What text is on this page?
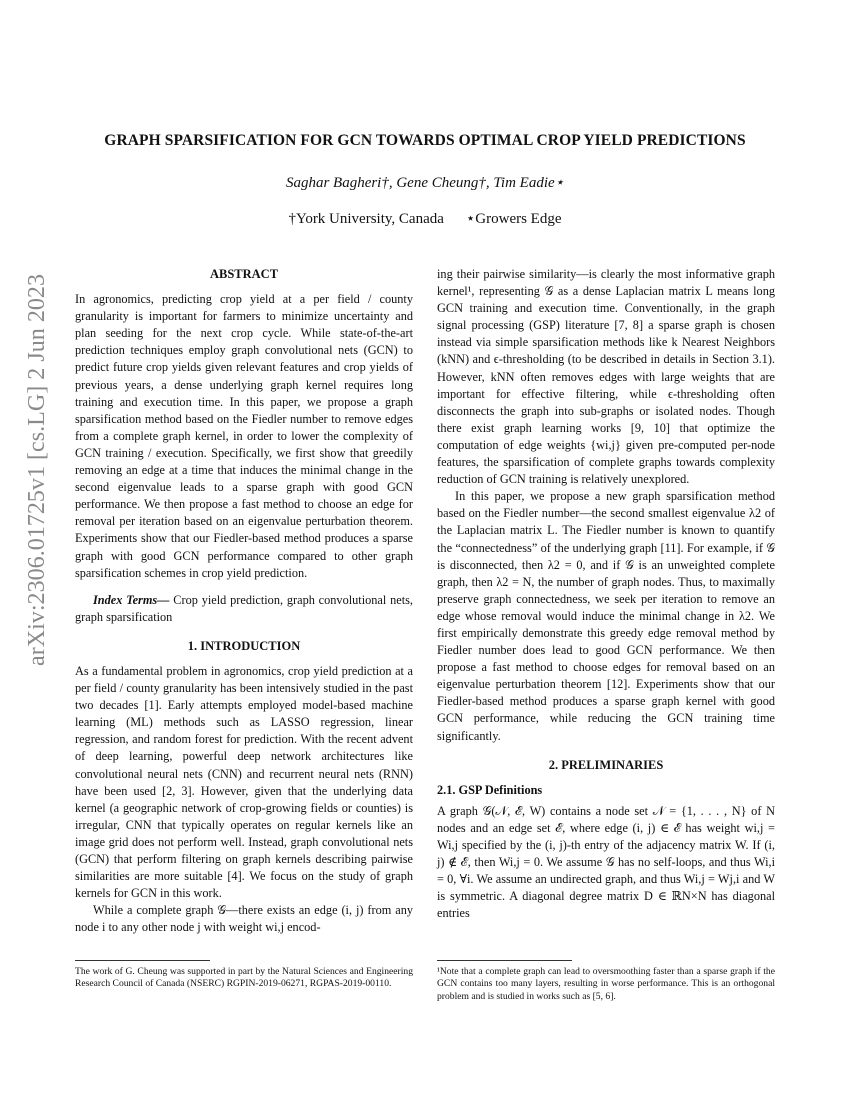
arXiv:2306.01725v1 [cs.LG] 2 Jun 2023
GRAPH SPARSIFICATION FOR GCN TOWARDS OPTIMAL CROP YIELD PREDICTIONS
Saghar Bagheri†, Gene Cheung†, Tim Eadie⋆
†York University, Canada ⋆Growers Edge

ABSTRACT

In agronomics, predicting crop yield at a per field / county granularity is important for farmers to minimize uncertainty and plan seeding for the next crop cycle. While state-of-the-art prediction techniques employ graph convolutional nets (GCN) to predict future crop yields given relevant features and crop yields of previous years, a dense underlying graph kernel requires long training and execution time. In this paper, we propose a graph sparsification method based on the Fiedler number to remove edges from a complete graph kernel, in order to lower the complexity of GCN training / execution. Specifically, we first show that greedily removing an edge at a time that induces the minimal change in the second eigenvalue leads to a sparse graph with good GCN performance. We then propose a fast method to choose an edge for removal per iteration based on an eigenvalue perturbation theorem. Experiments show that our Fiedler-based method produces a sparse graph with good GCN performance compared to other graph sparsification schemes in crop yield prediction.

Index Terms— Crop yield prediction, graph convolutional nets, graph sparsification

1. INTRODUCTION

As a fundamental problem in agronomics, crop yield prediction at a per field / county granularity has been intensively studied in the past two decades [1]. Early attempts employed model-based machine learning (ML) methods such as LASSO regression, linear regression, and random forest for prediction. With the recent advent of deep learning, powerful deep network architectures like convolutional neural nets (CNN) and recurrent neural nets (RNN) have been used [2, 3]. However, given that the underlying data kernel (a geographic network of crop-growing fields or counties) is irregular, CNN that typically operates on regular kernels like an image grid does not perform well. Instead, graph convolutional nets (GCN) that perform filtering on graph kernels describing pairwise similarities are more suitable [4]. We focus on the study of graph kernels for GCN in this work.

While a complete graph 𝒢—there exists an edge (i, j) from any node i to any other node j with weight wi,j encod-

ing their pairwise similarity—is clearly the most informative graph kernel¹, representing 𝒢 as a dense Laplacian matrix L means long GCN training and execution time. Conventionally, in the graph signal processing (GSP) literature [7, 8] a sparse graph is chosen instead via simple sparsification methods like k Nearest Neighbors (kNN) and ϵ-thresholding (to be described in details in Section 3.1). However, kNN often removes edges with large weights that are important for effective filtering, while ϵ-thresholding often disconnects the graph into sub-graphs or isolated nodes. Though there exist graph learning works [9, 10] that optimize the computation of edge weights {wi,j} given pre-computed per-node features, the sparsification of complete graphs towards complexity reduction of GCN training is relatively unexplored.

In this paper, we propose a new graph sparsification method based on the Fiedler number—the second smallest eigenvalue λ2 of the Laplacian matrix L. The Fiedler number is known to quantify the “connectedness” of the underlying graph [11]. For example, if 𝒢 is disconnected, then λ2 = 0, and if 𝒢 is an unweighted complete graph, then λ2 = N, the number of graph nodes. Thus, to maximally preserve graph connectedness, we seek per iteration to remove an edge whose removal would induce the minimal change in λ2. We first empirically demonstrate this greedy edge removal method by Fiedler number does lead to good GCN performance. We then propose a fast method to choose edges for removal based on an eigenvalue perturbation theorem [12]. Experiments show that our Fiedler-based method produces a sparse graph kernel with good GCN performance, while reducing the GCN training time significantly.

2. PRELIMINARIES

2.1. GSP Definitions

A graph 𝒢(𝒩, ℰ, W) contains a node set 𝒩 = {1, . . . , N} of N nodes and an edge set ℰ, where edge (i, j) ∈ ℰ has weight wi,j = Wi,j specified by the (i, j)-th entry of the adjacency matrix W. If (i, j) ∉ ℰ, then Wi,j = 0. We assume 𝒢 has no self-loops, and thus Wi,i = 0, ∀i. We assume an undirected graph, and thus Wi,j = Wj,i and W is symmetric. A diagonal degree matrix D ∈ ℝN×N has diagonal entries

The work of G. Cheung was supported in part by the Natural Sciences and Engineering Research Council of Canada (NSERC) RGPIN-2019-06271, RGPAS-2019-00110.
¹Note that a complete graph can lead to oversmoothing faster than a sparse graph if the GCN contains too many layers, resulting in worse performance. This is an orthogonal problem and is studied in works such as [5, 6].
